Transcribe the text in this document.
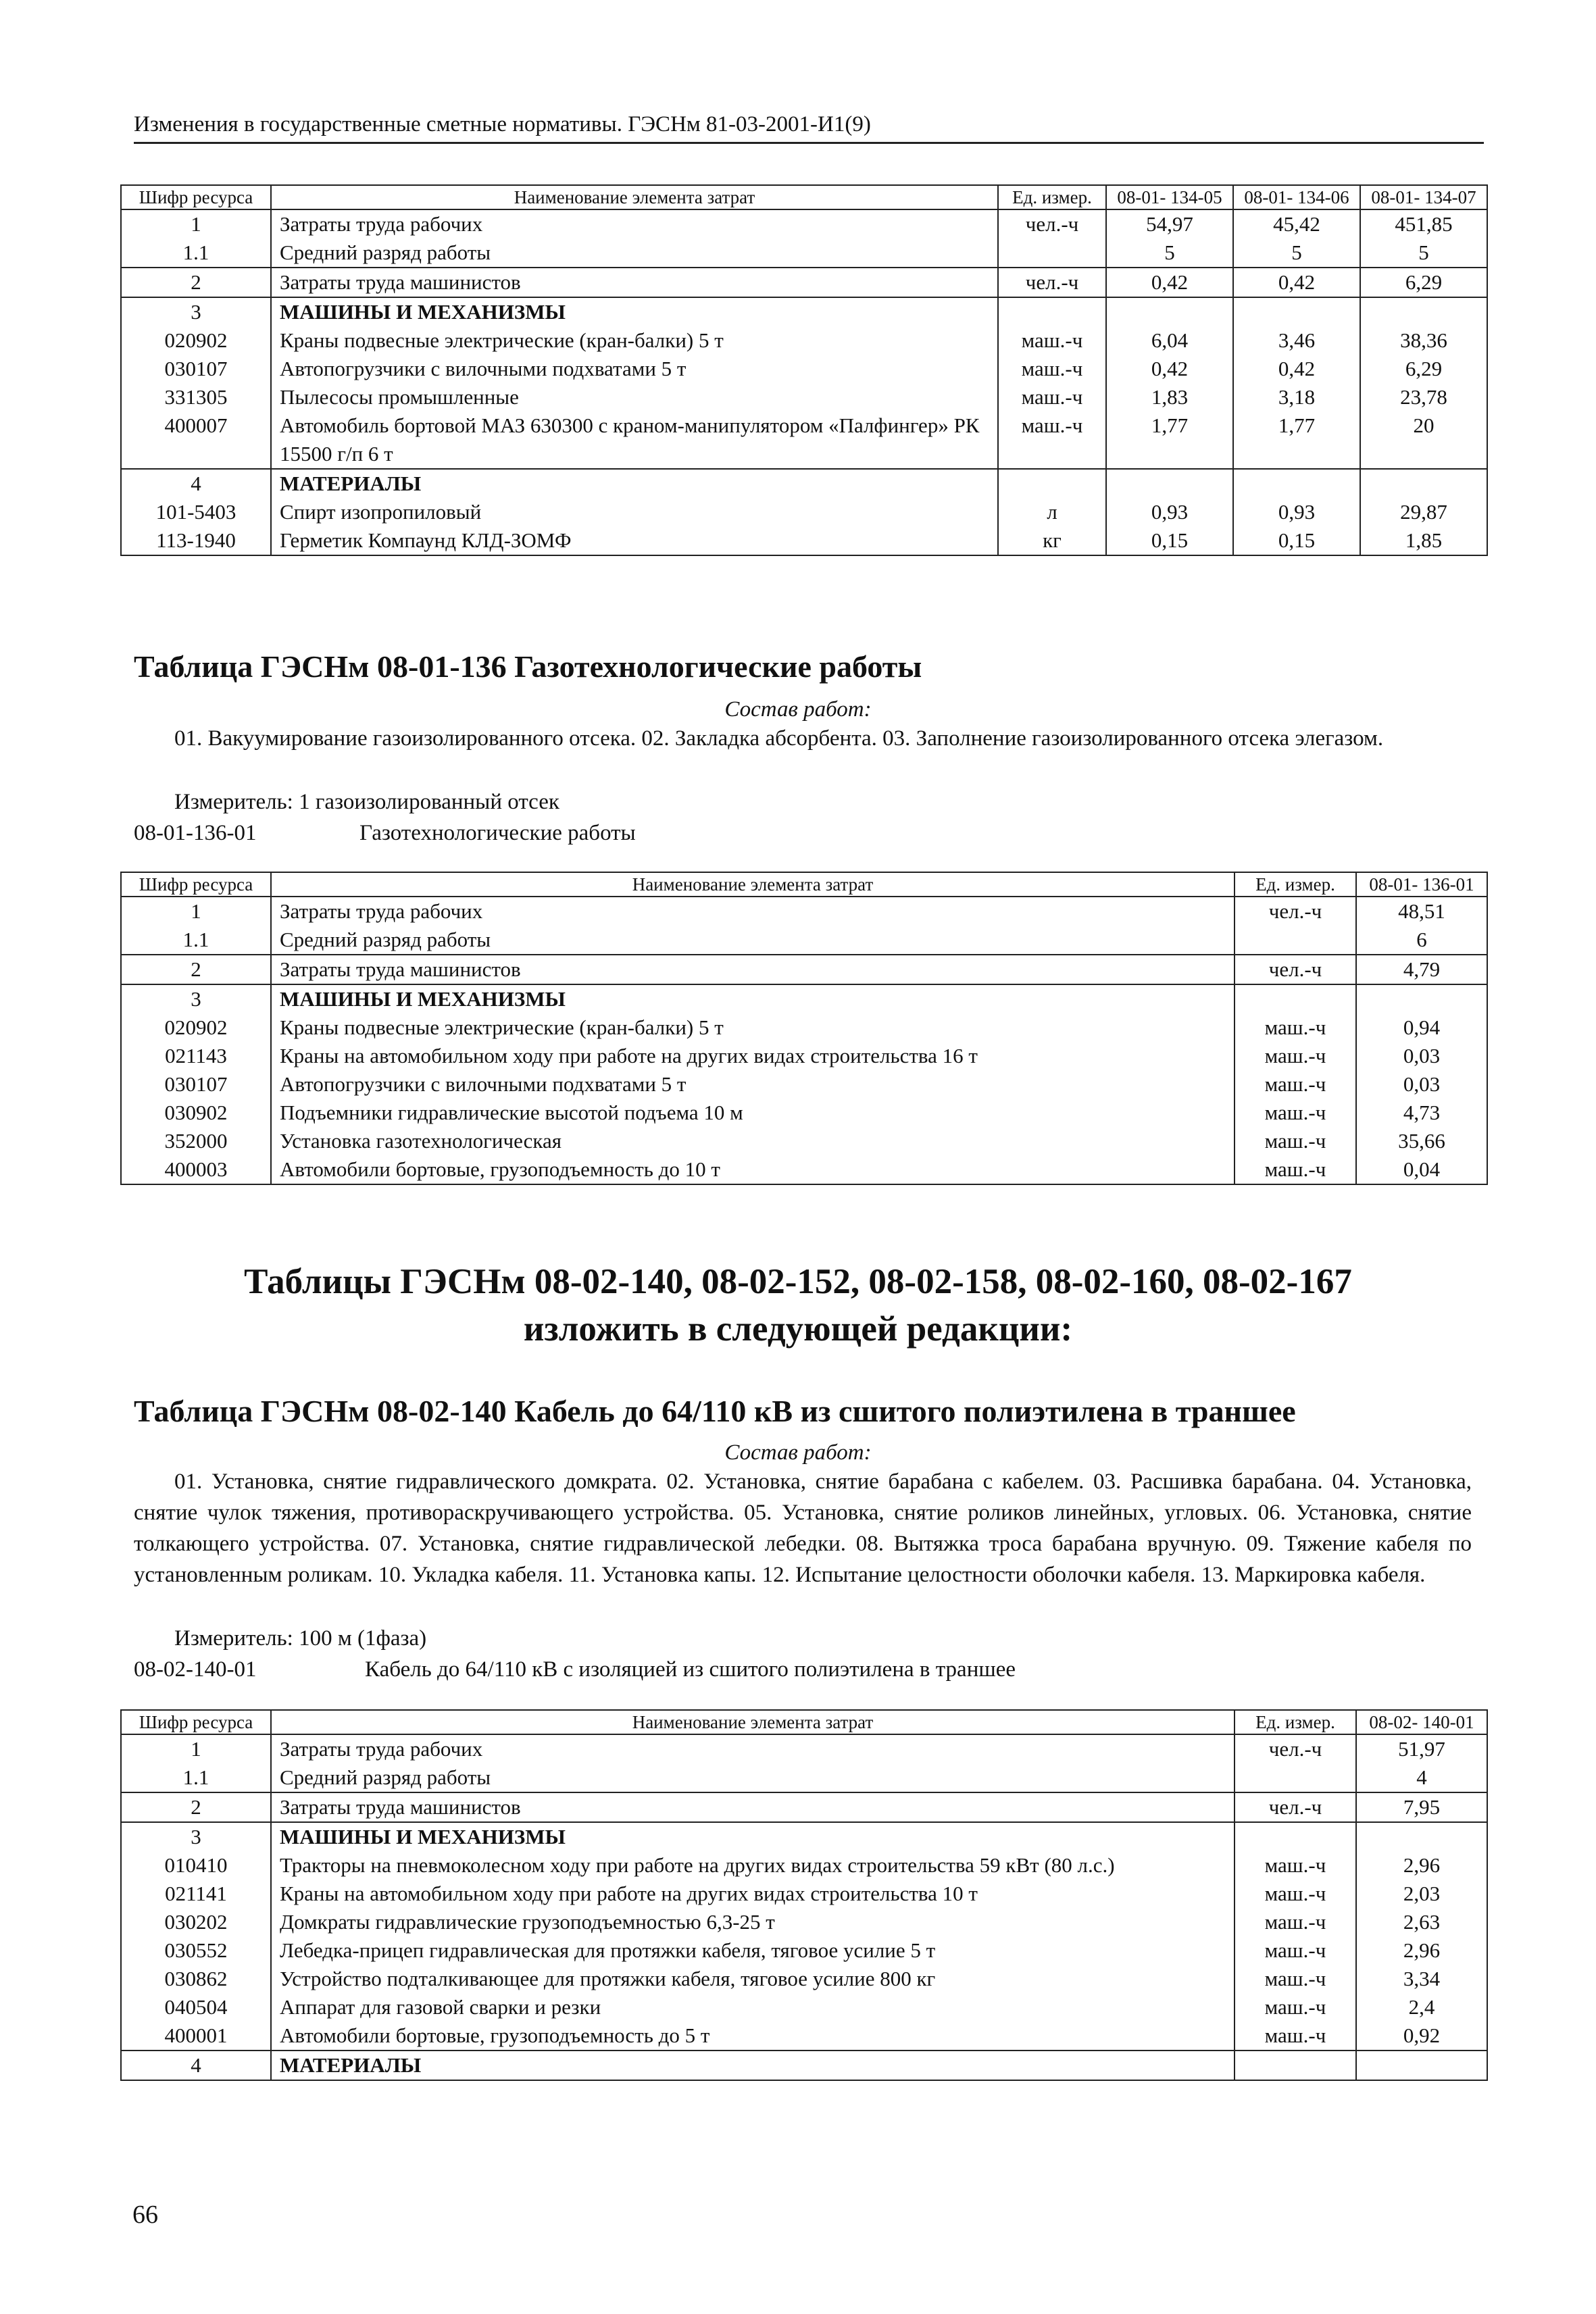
Изменения в государственные сметные нормативы. ГЭСНм 81-03-2001-И1(9)
Шифр ресурса	Наименование элемента затрат	Ед. измер.	08-01- 134-05	08-01- 134-06	08-01- 134-07
1	Затраты труда рабочих	чел.-ч	54,97	45,42	451,85
1.1	Средний разряд работы		5	5	5
2	Затраты труда машинистов	чел.-ч	0,42	0,42	6,29
3	МАШИНЫ И МЕХАНИЗМЫ				
020902	Краны подвесные электрические (кран-балки) 5 т	маш.-ч	6,04	3,46	38,36
030107	Автопогрузчики с вилочными подхватами 5 т	маш.-ч	0,42	0,42	6,29
331305	Пылесосы промышленные	маш.-ч	1,83	3,18	23,78
400007	Автомобиль бортовой МАЗ 630300 с краном-манипулятором «Палфингер» РК 15500 г/п 6 т	маш.-ч	1,77	1,77	20
4	МАТЕРИАЛЫ				
101-5403	Спирт изопропиловый	л	0,93	0,93	29,87
113-1940	Герметик Компаунд КЛД-ЗОМФ	кг	0,15	0,15	1,85
Таблица ГЭСНм 08-01-136 Газотехнологические работы
Состав работ:
01. Вакуумирование газоизолированного отсека. 02. Закладка абсорбента. 03. Заполнение газоизолированного отсека элегазом.
Измеритель: 1 газоизолированный отсек
08-01-136-01	Газотехнологические работы
Шифр ресурса	Наименование элемента затрат	Ед. измер.	08-01- 136-01
1	Затраты труда рабочих	чел.-ч	48,51
1.1	Средний разряд работы		6
2	Затраты труда машинистов	чел.-ч	4,79
3	МАШИНЫ И МЕХАНИЗМЫ		
020902	Краны подвесные электрические (кран-балки) 5 т	маш.-ч	0,94
021143	Краны на автомобильном ходу при работе на других видах строительства 16 т	маш.-ч	0,03
030107	Автопогрузчики с вилочными подхватами 5 т	маш.-ч	0,03
030902	Подъемники гидравлические высотой подъема 10 м	маш.-ч	4,73
352000	Установка газотехнологическая	маш.-ч	35,66
400003	Автомобили бортовые, грузоподъемность до 10 т	маш.-ч	0,04
Таблицы ГЭСНм 08-02-140, 08-02-152, 08-02-158, 08-02-160, 08-02-167
изложить в следующей редакции:
Таблица ГЭСНм 08-02-140 Кабель до 64/110 кВ из сшитого полиэтилена в траншее
Состав работ:
01. Установка, снятие гидравлического домкрата. 02. Установка, снятие барабана с кабелем. 03. Расшивка барабана. 04. Установка, снятие чулок тяжения, противораскручивающего устройства. 05. Установка, снятие роликов линейных, угловых. 06. Установка, снятие толкающего устройства. 07. Установка, снятие гидравлической лебедки. 08. Вытяжка троса барабана вручную. 09. Тяжение кабеля по установленным роликам. 10. Укладка кабеля. 11. Установка капы. 12. Испытание целостности оболочки кабеля. 13. Маркировка кабеля.
Измеритель: 100 м (1фаза)
08-02-140-01	Кабель до 64/110 кВ с изоляцией из сшитого полиэтилена в траншее
Шифр ресурса	Наименование элемента затрат	Ед. измер.	08-02- 140-01
1	Затраты труда рабочих	чел.-ч	51,97
1.1	Средний разряд работы		4
2	Затраты труда машинистов	чел.-ч	7,95
3	МАШИНЫ И МЕХАНИЗМЫ		
010410	Тракторы на пневмоколесном ходу при работе на других видах строительства 59 кВт (80 л.с.)	маш.-ч	2,96
021141	Краны на автомобильном ходу при работе на других видах строительства 10 т	маш.-ч	2,03
030202	Домкраты гидравлические грузоподъемностью 6,3-25 т	маш.-ч	2,63
030552	Лебедка-прицеп гидравлическая для протяжки кабеля, тяговое усилие 5 т	маш.-ч	2,96
030862	Устройство подталкивающее для протяжки кабеля, тяговое усилие 800 кг	маш.-ч	3,34
040504	Аппарат для газовой сварки и резки	маш.-ч	2,4
400001	Автомобили бортовые, грузоподъемность до 5 т	маш.-ч	0,92
4	МАТЕРИАЛЫ		
66
